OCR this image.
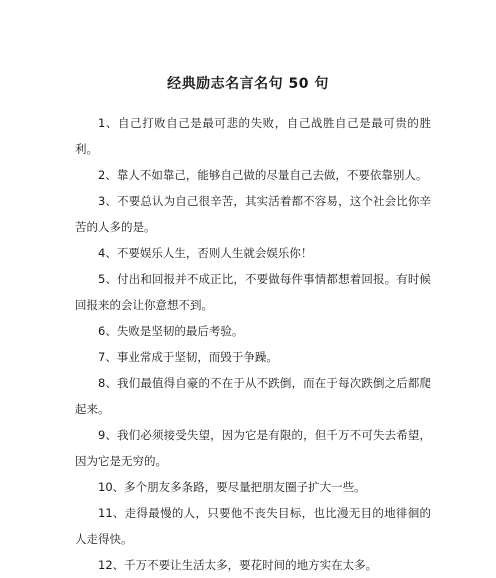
经典励志名言名句 50 句

1、自己打败自己是最可悲的失败，自己战胜自己是最可贵的胜利。

2、靠人不如靠己，能够自己做的尽量自己去做，不要依靠别人。

3、不要总认为自己很辛苦，其实活着都不容易，这个社会比你辛苦的人多的是。

4、不要娱乐人生，否则人生就会娱乐你！

5、付出和回报并不成正比，不要做每件事情都想着回报。有时候回报来的会让你意想不到。

6、失败是坚韧的最后考验。

7、事业常成于坚韧，而毁于争躁。

8、我们最值得自豪的不在于从不跌倒，而在于每次跌倒之后都爬起来。

9、我们必须接受失望，因为它是有限的，但千万不可失去希望，因为它是无穷的。

10、多个朋友多条路，要尽量把朋友圈子扩大一些。

11、走得最慢的人，只要他不丧失目标，也比漫无目的地徘徊的人走得快。

12、千万不要让生活太多，要花时间的地方实在太多。
